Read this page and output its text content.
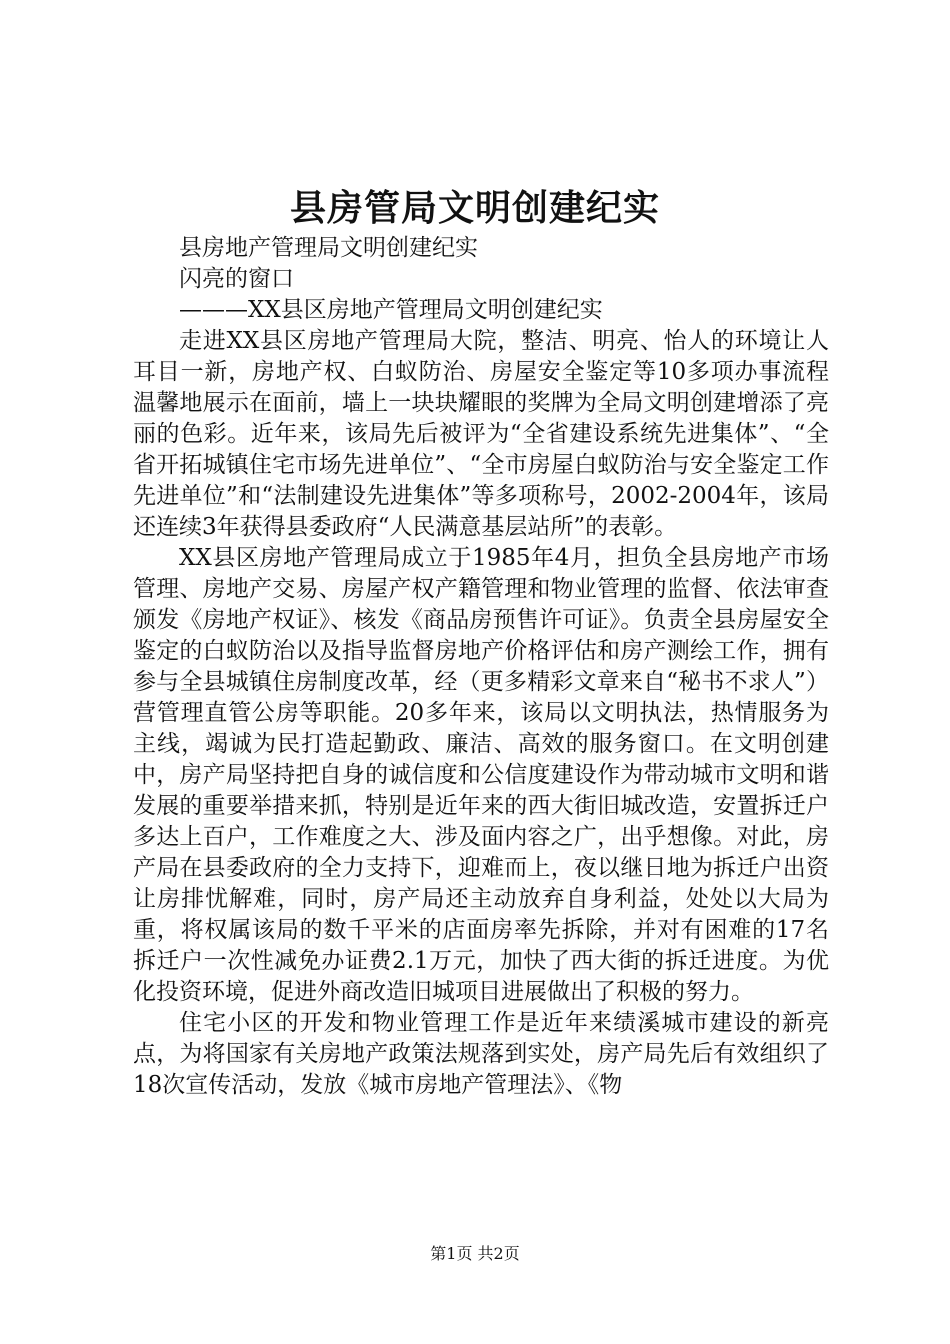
县房管局文明创建纪实

县房地产管理局文明创建纪实

闪亮的窗口

———XX县区房地产管理局文明创建纪实

走进XX县区房地产管理局大院，整洁、明亮、怡人的环境让人耳目一新，房地产权、白蚁防治、房屋安全鉴定等10多项办事流程温馨地展示在面前，墙上一块块耀眼的奖牌为全局文明创建增添了亮丽的色彩。近年来，该局先后被评为“全省建设系统先进集体”、“全省开拓城镇住宅市场先进单位”、“全市房屋白蚁防治与安全鉴定工作先进单位”和“法制建设先进集体”等多项称号，2002-2004年，该局还连续3年获得县委政府“人民满意基层站所”的表彰。

XX县区房地产管理局成立于1985年4月，担负全县房地产市场管理、房地产交易、房屋产权产籍管理和物业管理的监督、依法审查颁发《房地产权证》、核发《商品房预售许可证》。负责全县房屋安全鉴定的白蚁防治以及指导监督房地产价格评估和房产测绘工作，拥有参与全县城镇住房制度改革，经（更多精彩文章来自“秘书不求人”）营管理直管公房等职能。20多年来，该局以文明执法，热情服务为主线，竭诚为民打造起勤政、廉洁、高效的服务窗口。在文明创建中，房产局坚持把自身的诚信度和公信度建设作为带动城市文明和谐发展的重要举措来抓，特别是近年来的西大街旧城改造，安置拆迁户多达上百户，工作难度之大、涉及面内容之广，出乎想像。对此，房产局在县委政府的全力支持下，迎难而上，夜以继日地为拆迁户出资让房排忧解难，同时，房产局还主动放弃自身利益，处处以大局为重，将权属该局的数千平米的店面房率先拆除，并对有困难的17名拆迁户一次性减免办证费2.1万元，加快了西大街的拆迁进度。为优化投资环境，促进外商改造旧城项目进展做出了积极的努力。

住宅小区的开发和物业管理工作是近年来绩溪城市建设的新亮点，为将国家有关房地产政策法规落到实处，房产局先后有效组织了18次宣传活动，发放《城市房地产管理法》、《物

第1页 共2页
